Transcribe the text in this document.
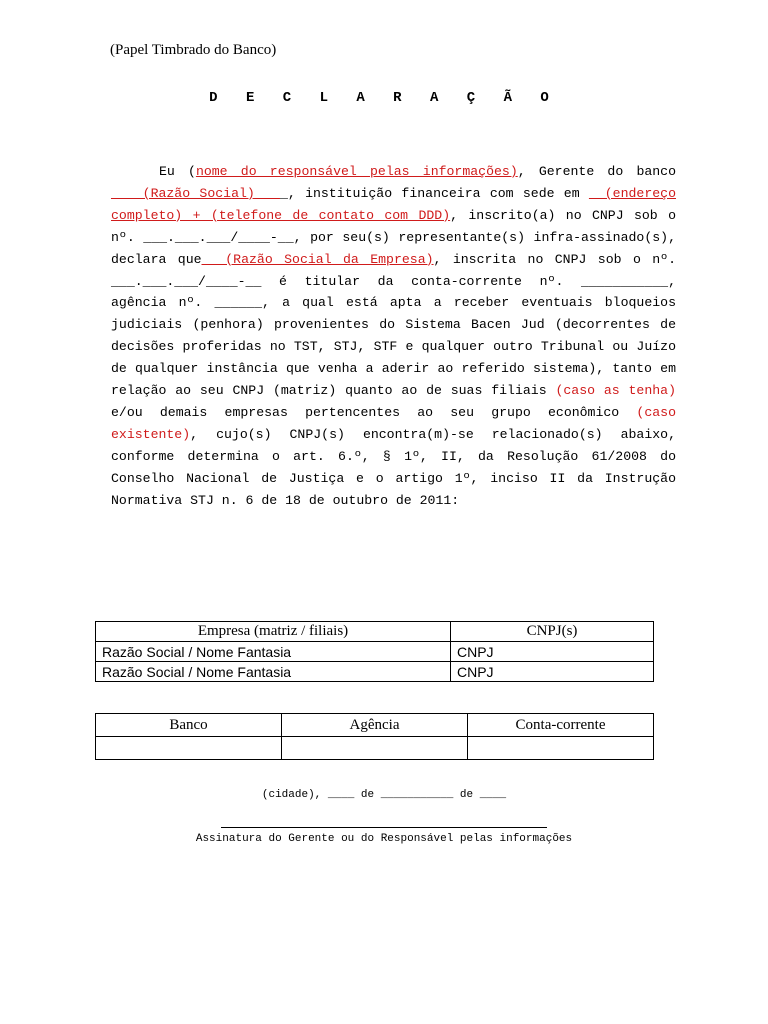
(Papel Timbrado do Banco)
D E C L A R A Ç Ã O
Eu (nome do responsável pelas informações), Gerente do banco ____(Razão Social) ___, instituição financeira com sede em __(endereço completo) + (telefone de contato com DDD), inscrito(a) no CNPJ sob o nº. ___.___.___/____-__, por seu(s) representante(s) infra-assinado(s), declara que___(Razão Social da Empresa), inscrita no CNPJ sob o nº. ___.___.___/____-__ é titular da conta-corrente nº. ___________, agência nº. ______, a qual está apta a receber eventuais bloqueios judiciais (penhora) provenientes do Sistema Bacen Jud (decorrentes de decisões proferidas no TST, STJ, STF e qualquer outro Tribunal ou Juízo de qualquer instância que venha a aderir ao referido sistema), tanto em relação ao seu CNPJ (matriz) quanto ao de suas filiais (caso as tenha) e/ou demais empresas pertencentes ao seu grupo econômico (caso existente), cujo(s) CNPJ(s) encontra(m)-se relacionado(s) abaixo, conforme determina o art. 6.º, § 1º, II, da Resolução 61/2008 do Conselho Nacional de Justiça e o artigo 1º, inciso II da Instrução Normativa STJ n. 6 de 18 de outubro de 2011:
Empresa (matriz / filiais)	CNPJ(s)
Razão Social / Nome Fantasia	CNPJ
Razão Social / Nome Fantasia	CNPJ
Banco	Agência	Conta-corrente

(cidade), ____ de ___________ de ____
Assinatura do Gerente ou do Responsável pelas informações
